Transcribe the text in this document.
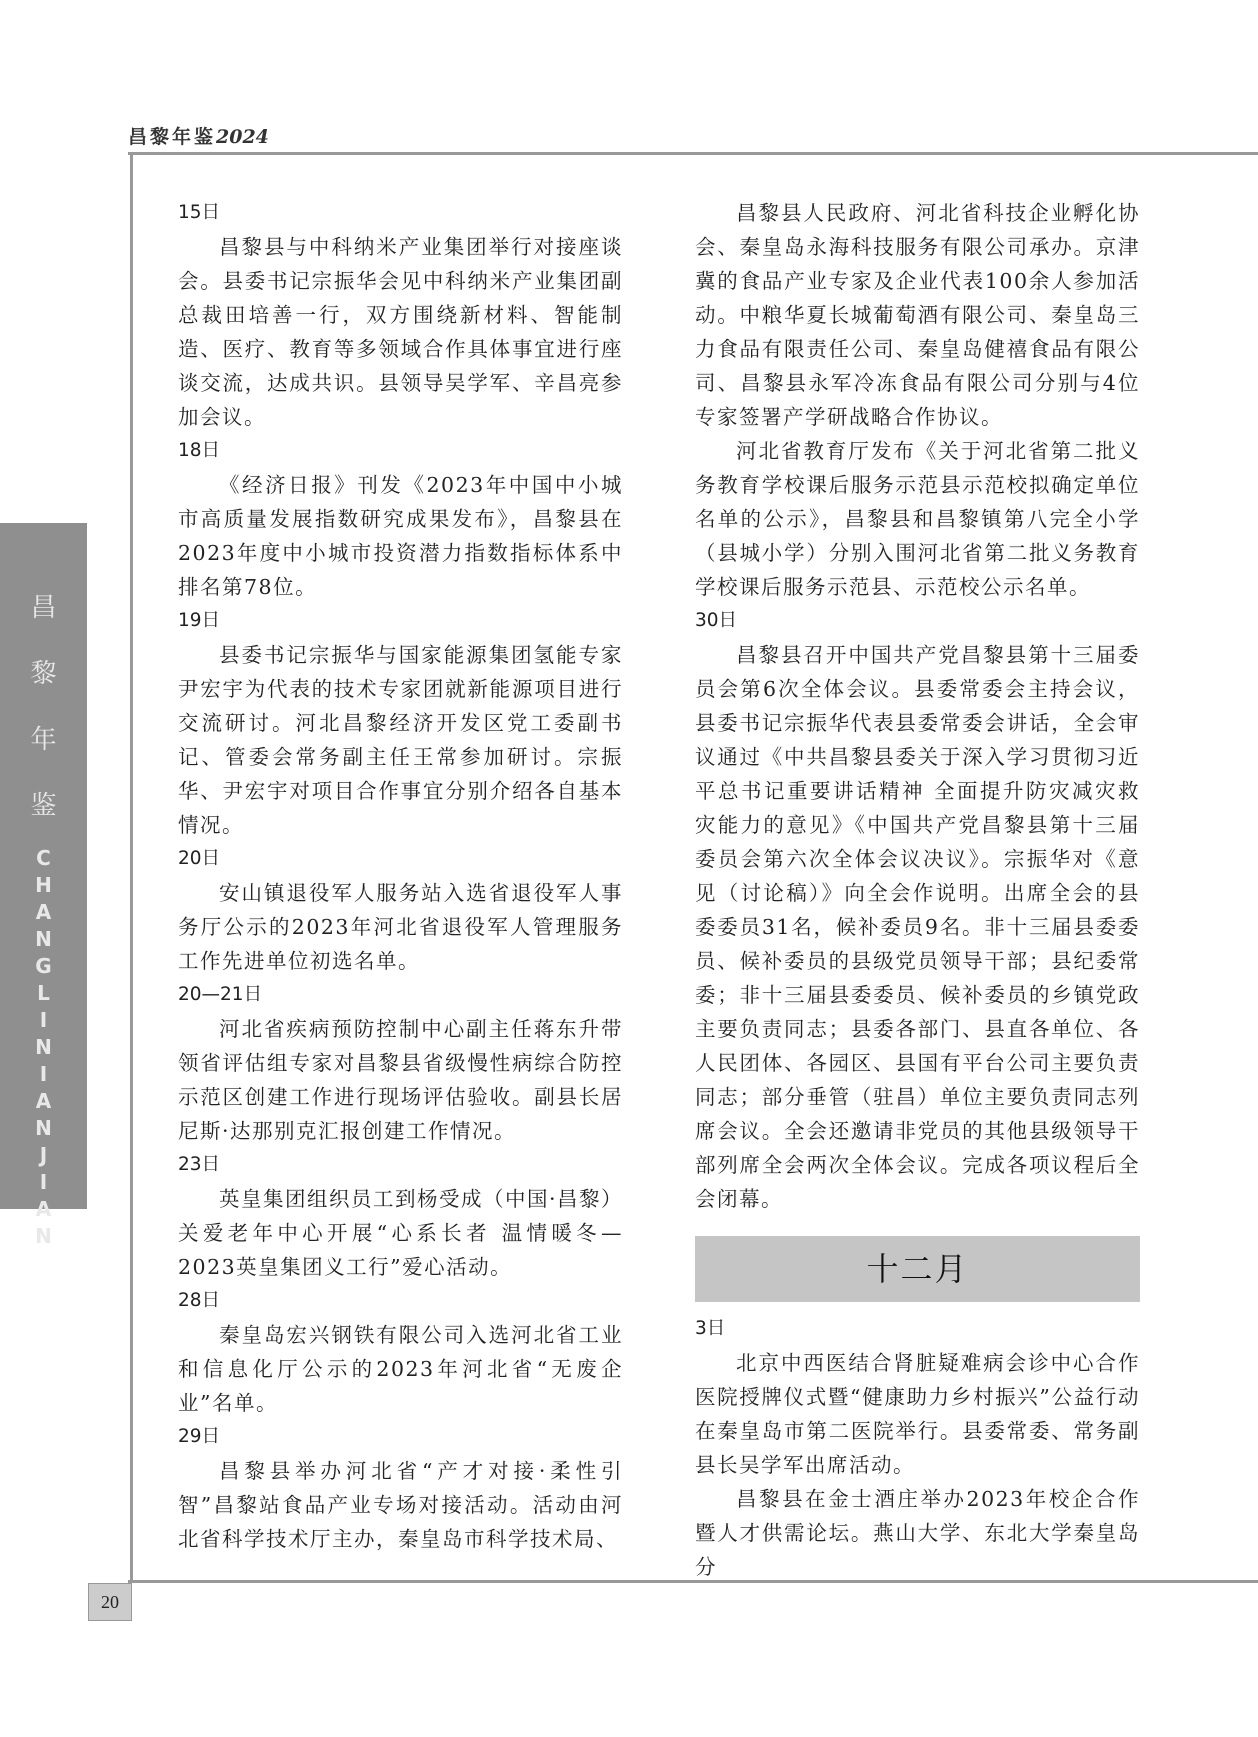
昌黎年鉴2024
20
昌
黎
年
鉴
C
H
A
N
G
L
I
N
I
A
N
J
I
A
N
15日

昌黎县与中科纳米产业集团举行对接座谈会。县委书记宗振华会见中科纳米产业集团副总裁田培善一行，双方围绕新材料、智能制造、医疗、教育等多领域合作具体事宜进行座谈交流，达成共识。县领导吴学军、辛昌亮参加会议。

18日

《经济日报》刊发《2023年中国中小城市高质量发展指数研究成果发布》，昌黎县在2023年度中小城市投资潜力指数指标体系中排名第78位。

19日

县委书记宗振华与国家能源集团氢能专家尹宏宇为代表的技术专家团就新能源项目进行交流研讨。河北昌黎经济开发区党工委副书记、管委会常务副主任王常参加研讨。宗振华、尹宏宇对项目合作事宜分别介绍各自基本情况。

20日

安山镇退役军人服务站入选省退役军人事务厅公示的2023年河北省退役军人管理服务工作先进单位初选名单。

20—21日

河北省疾病预防控制中心副主任蒋东升带领省评估组专家对昌黎县省级慢性病综合防控示范区创建工作进行现场评估验收。副县长居尼斯·达那别克汇报创建工作情况。

23日

英皇集团组织员工到杨受成（中国·昌黎）关爱老年中心开展“心系长者 温情暖冬—2023英皇集团义工行”爱心活动。

28日

秦皇岛宏兴钢铁有限公司入选河北省工业和信息化厅公示的2023年河北省“无废企业”名单。

29日

昌黎县举办河北省“产才对接·柔性引智”昌黎站食品产业专场对接活动。活动由河北省科学技术厅主办，秦皇岛市科学技术局、

昌黎县人民政府、河北省科技企业孵化协会、秦皇岛永海科技服务有限公司承办。京津冀的食品产业专家及企业代表100余人参加活动。中粮华夏长城葡萄酒有限公司、秦皇岛三力食品有限责任公司、秦皇岛健禧食品有限公司、昌黎县永军冷冻食品有限公司分别与4位专家签署产学研战略合作协议。

河北省教育厅发布《关于河北省第二批义务教育学校课后服务示范县示范校拟确定单位名单的公示》，昌黎县和昌黎镇第八完全小学（县城小学）分别入围河北省第二批义务教育学校课后服务示范县、示范校公示名单。

30日

昌黎县召开中国共产党昌黎县第十三届委员会第6次全体会议。县委常委会主持会议，县委书记宗振华代表县委常委会讲话，全会审议通过《中共昌黎县委关于深入学习贯彻习近平总书记重要讲话精神 全面提升防灾减灾救灾能力的意见》《中国共产党昌黎县第十三届委员会第六次全体会议决议》。宗振华对《意见（讨论稿）》向全会作说明。出席全会的县委委员31名，候补委员9名。非十三届县委委员、候补委员的县级党员领导干部；县纪委常委；非十三届县委委员、候补委员的乡镇党政主要负责同志；县委各部门、县直各单位、各人民团体、各园区、县国有平台公司主要负责同志；部分垂管（驻昌）单位主要负责同志列席会议。全会还邀请非党员的其他县级领导干部列席全会两次全体会议。完成各项议程后全会闭幕。

十二月
3日

北京中西医结合肾脏疑难病会诊中心合作医院授牌仪式暨“健康助力乡村振兴”公益行动在秦皇岛市第二医院举行。县委常委、常务副县长吴学军出席活动。

昌黎县在金士酒庄举办2023年校企合作暨人才供需论坛。燕山大学、东北大学秦皇岛分
